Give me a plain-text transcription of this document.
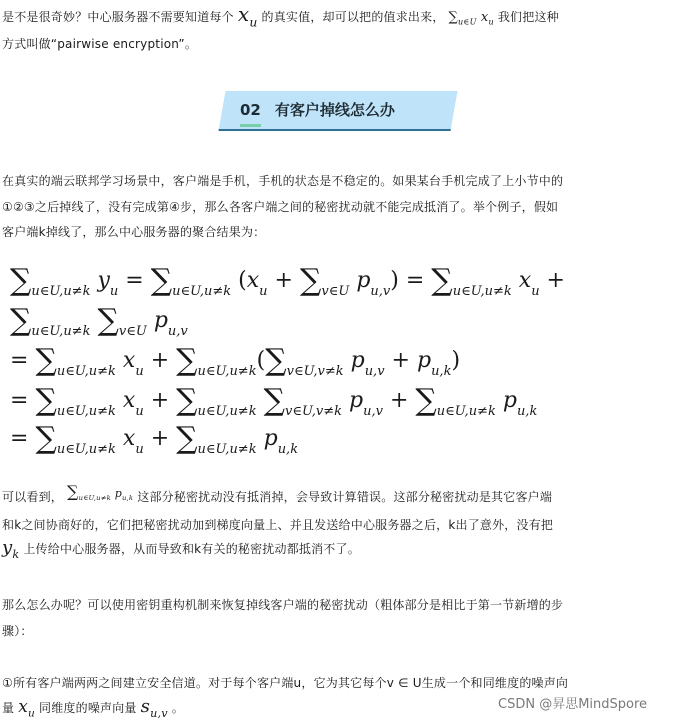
是不是很奇妙？中心服务器不需要知道每个 $x_u$ 的真实值，却可以把的值求出来， $\sum_{u\in U}$ $x_u$ 我们把这种
方式叫做“pairwise encryption”。
02 有客户掉线怎么办
在真实的端云联邦学习场景中，客户端是手机，手机的状态是不稳定的。如果某台手机完成了上小节中的
①②③之后掉线了，没有完成第④步，那么各客户端之间的秘密扰动就不能完成抵消了。举个例子，假如
客户端k掉线了，那么中心服务器的聚合结果为：
$\sum_{u\in U,u\ne k}$ $y_u = \sum_{u\in U,u\ne k}$ ($x_u + \sum_{v\in U}$ $p_{u,v}) = \sum_{u\in U,u\ne k}$ $x_u$ +
$\sum_{u\in U,u\ne k}$ $\sum_{v\in U}$ $p_{u,v}$
= $\sum_{u\in U,u\ne k}$ $x_u + \sum_{u\in U,u\ne k}(\sum_{v\in U,v\ne k}$ $p_{u,v} + p_{u,k}$)
= $\sum_{u\in U,u\ne k}$ $x_u + \sum_{u\in U,u\ne k}$ $\sum_{v\in U,v\ne k}$ $p_{u,v} + \sum_{u\in U,u\ne k}$ $p_{u,k}$
= $\sum_{u\in U,u\ne k}$ $x_u + \sum_{u\in U,u\ne k}$ $p_{u,k}$
可以看到， $\sum_{u\in U,u\ne k}$ $p_{u,k}$ 这部分秘密扰动没有抵消掉，会导致计算错误。这部分秘密扰动是其它客户端
和k之间协商好的，它们把秘密扰动加到梯度向量上、并且发送给中心服务器之后，k出了意外，没有把
$y_k$ 上传给中心服务器，从而导致和k有关的秘密扰动都抵消不了。
那么怎么办呢？可以使用密钥重构机制来恢复掉线客户端的秘密扰动（粗体部分是相比于第一节新增的步
骤）：
①所有客户端两两之间建立安全信道。对于每个客户端u，它为其它每个v ∈ U生成一个和同维度的噪声向
量 $x_u$ 同维度的噪声向量 $s_{u,v}$ 。	CSDN @昇思MindSpore
